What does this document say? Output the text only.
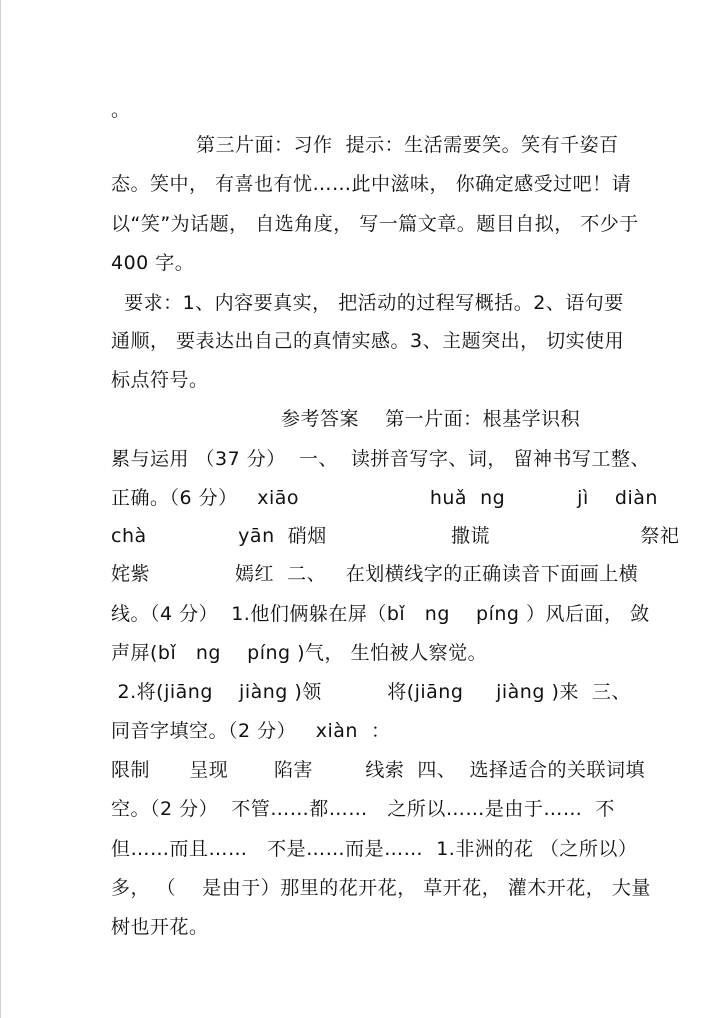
。
第三片面：习作  提示：生活需要笑。笑有千姿百
态。笑中， 有喜也有忧……此中滋味， 你确定感受过吧！请
以“笑”为话题， 自选角度， 写一篇文章。题目自拟， 不少于
400 字。
要求：1、内容要真实， 把活动的过程写概括。2、语句要
通顺， 要表达出自己的真情实感。3、主题突出， 切实使用
标点符号。
参考答案    第一片面：根基学识积
累与运用 （37 分）  一、  读拼音写字、词， 留神书写工整、
正确。（6 分）   xiāo                    huǎ  ng           jì    diàn
chà              yān  硝烟                   撒谎                       祭祀
姹紫             嫣红  二、   在划横线字的正确读音下面画上横
线。（4 分）  1.他们俩躲在屏（bǐ   ng    píng ）风后面， 敛
声屏(bǐ   ng    píng )气， 生怕被人察觉。
2.将(jiāng    jiàng )领          将(jiāng     jiàng )来  三、
同音字填空。（2 分）   xiàn  ：
限制      呈现       陷害        线索  四、  选择适合的关联词填
空。（2 分）  不管……都……   之所以……是由于……  不
但……而且……   不是……而是……  1.非洲的花 （之所以）
多， （    是由于）那里的花开花， 草开花， 灌木开花， 大量
树也开花。
